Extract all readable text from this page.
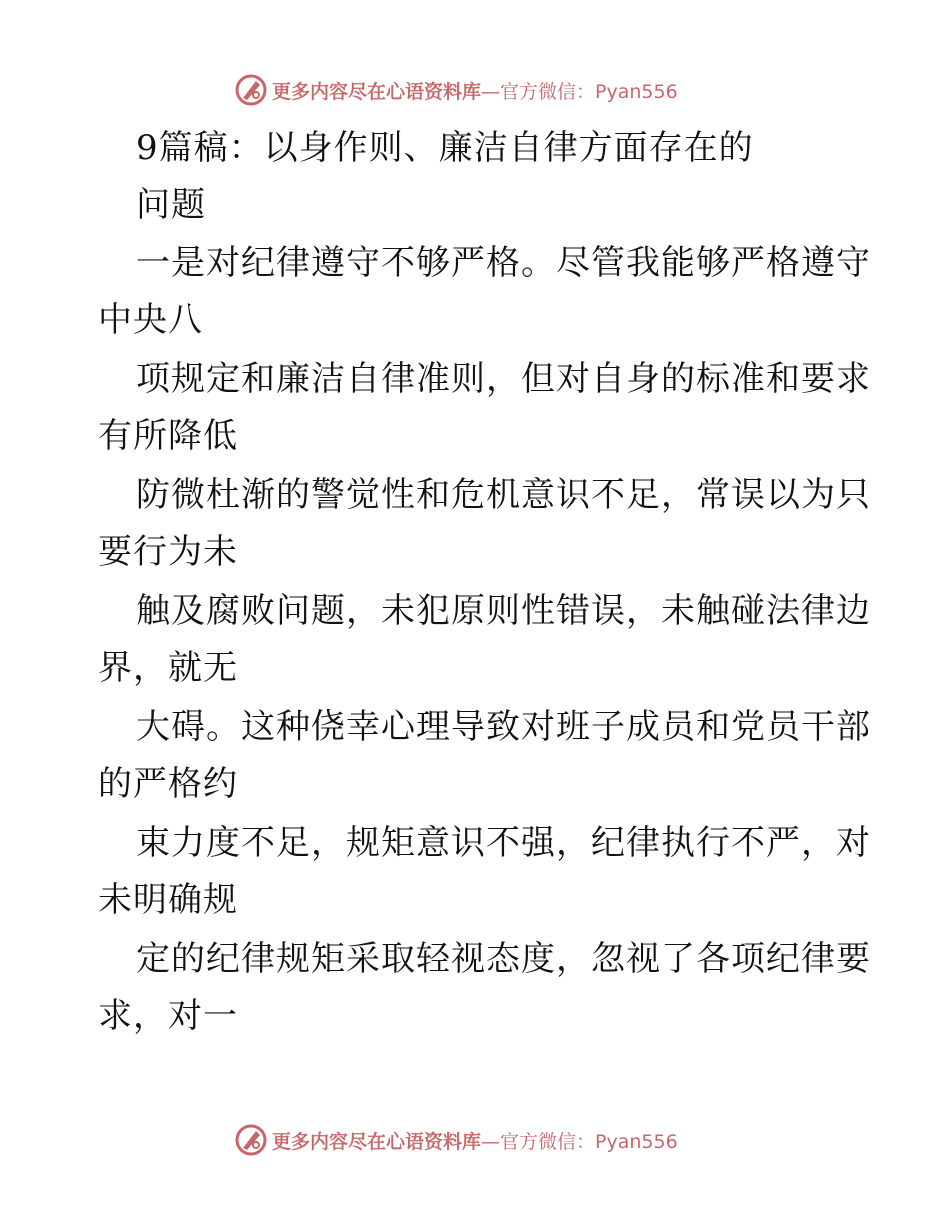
更多内容尽在心语资料库—官方微信：Pyan556
9篇稿：以身作则、廉洁自律方面存在的
问题
一是对纪律遵守不够严格。尽管我能够严格遵守
中央八
项规定和廉洁自律准则，但对自身的标准和要求
有所降低
防微杜渐的警觉性和危机意识不足，常误以为只
要行为未
触及腐败问题，未犯原则性错误，未触碰法律边
界，就无
大碍。这种侥幸心理导致对班子成员和党员干部
的严格约
束力度不足，规矩意识不强，纪律执行不严，对
未明确规
定的纪律规矩采取轻视态度，忽视了各项纪律要
求，对一
更多内容尽在心语资料库—官方微信：Pyan556
